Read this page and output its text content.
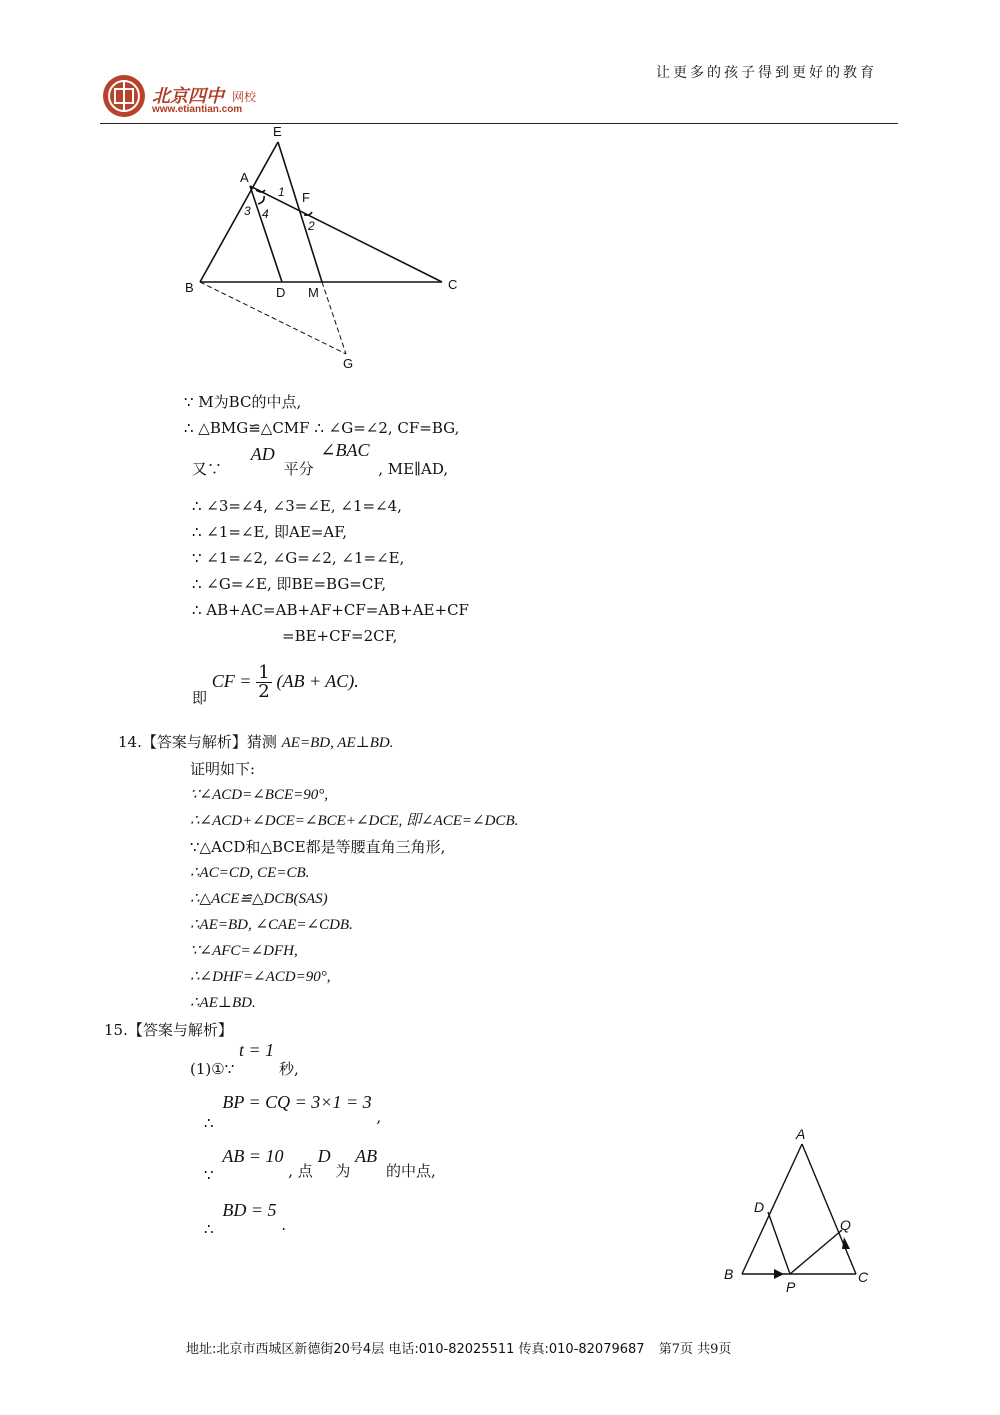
北京四中 网校
www.etiantian.com
让更多的孩子得到更好的教育
E
A
F
1
2
3 4
B	D M
C
G
∵ M为BC的中点,
∴ △BMG≌△CMF ∴ ∠G=∠2, CF=BG,
又∵ AD 平分 ∠BAC , ME∥AD,
∴ ∠3=∠4, ∠3=∠E, ∠1=∠4,
∴ ∠1=∠E, 即AE=AF,
∵ ∠1=∠2, ∠G=∠2, ∠1=∠E,
∴ ∠G=∠E, 即BE=BG=CF,
∴ AB+AC=AB+AF+CF=AB+AE+CF
=BE+CF=2CF,
即 CF = $\frac{1}{2} (AB + AC)$.
14.【答案与解析】猜测 AE=BD, AE⊥BD.
证明如下:
∵∠ACD=∠BCE=90°,
∴∠ACD+∠DCE=∠BCE+∠DCE, 即∠ACE=∠DCB.
∵△ACD和△BCE都是等腰直角三角形,
∴AC=CD, CE=CB.
∴△ACE≌△DCB(SAS)
∴AE=BD, ∠CAE=∠CDB.
∵∠AFC=∠DFH,
∴∠DHF=∠ACD=90°,
∴AE⊥BD.
15.【答案与解析】
(1)①∵ t = 1 秒,
∴ BP = CQ = 3×1 = 3 ,
∵ AB = 10 , 点 D 为 AB 的中点,
∴ BD = 5 .
A
D
Q
B
P
C
地址:北京市西城区新德街20号4层 电话:010-82025511 传真:010-82079687 第7页 共9页
